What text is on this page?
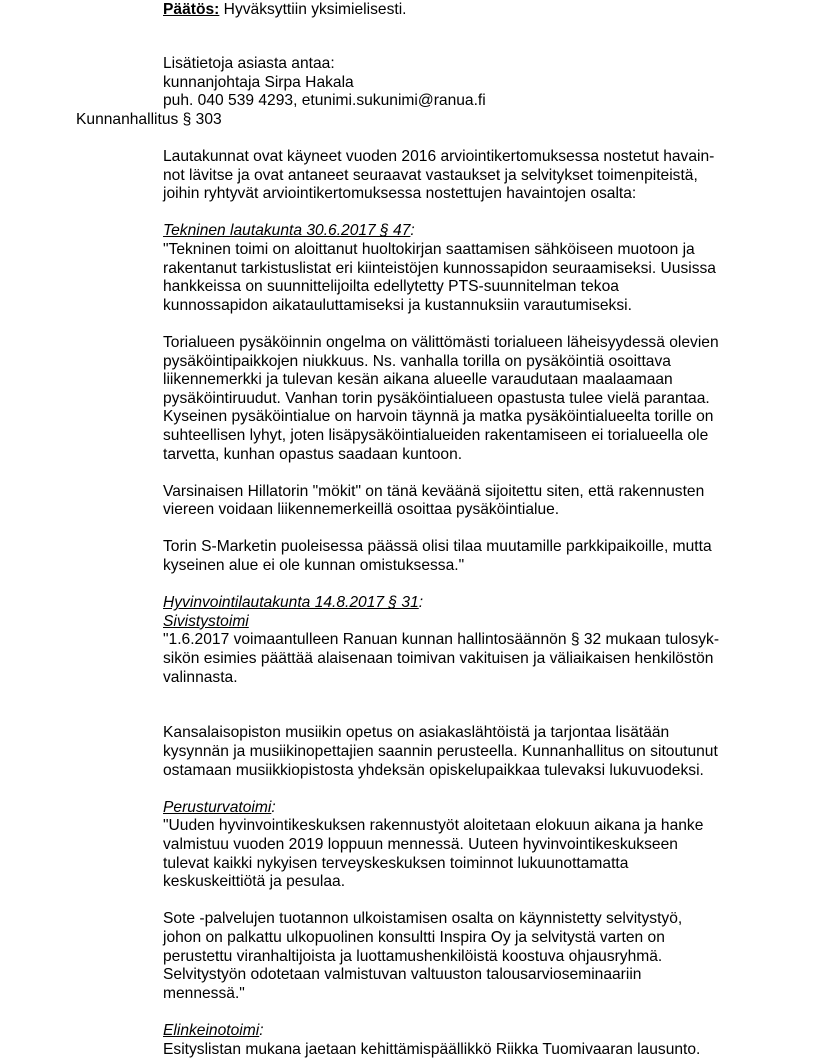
Päätös: Hyväksyttiin yksimielisesti.

Lisätietoja asiasta antaa:

kunnanjohtaja Sirpa Hakala

puh. 040 539 4293, etunimi.sukunimi@ranua.fi

Kunnanhallitus § 303

Lautakunnat ovat käyneet vuoden 2016 arviointikertomuksessa nostetut havain-

not lävitse ja ovat antaneet seuraavat vastaukset ja selvitykset toimenpiteistä,

joihin ryhtyvät arviointikertomuksessa nostettujen havaintojen osalta:

Tekninen lautakunta 30.6.2017 § 47:

"Tekninen toimi on aloittanut huoltokirjan saattamisen sähköiseen muotoon ja

rakentanut tarkistuslistat eri kiinteistöjen kunnossapidon seuraamiseksi. Uusissa

hankkeissa on suunnittelijoilta edellytetty PTS-suunnitelman tekoa

kunnossapidon aikatauluttamiseksi ja kustannuksiin varautumiseksi.

Torialueen pysäköinnin ongelma on välittömästi torialueen läheisyydessä olevien

pysäköintipaikkojen niukkuus. Ns. vanhalla torilla on pysäköintiä osoittava

liikennemerkki ja tulevan kesän aikana alueelle varaudutaan maalaamaan

pysäköintiruudut. Vanhan torin pysäköintialueen opastusta tulee vielä parantaa.

Kyseinen pysäköintialue on harvoin täynnä ja matka pysäköintialueelta torille on

suhteellisen lyhyt, joten lisäpysäköintialueiden rakentamiseen ei torialueella ole

tarvetta, kunhan opastus saadaan kuntoon.

Varsinaisen Hillatorin "mökit" on tänä keväänä sijoitettu siten, että rakennusten

viereen voidaan liikennemerkeillä osoittaa pysäköintialue.

Torin S-Marketin puoleisessa päässä olisi tilaa muutamille parkkipaikoille, mutta

kyseinen alue ei ole kunnan omistuksessa."

Hyvinvointilautakunta 14.8.2017 § 31:

Sivistystoimi

"1.6.2017 voimaantulleen Ranuan kunnan hallintosäännön § 32 mukaan tulosyk-

sikön esimies päättää alaisenaan toimivan vakituisen ja väliaikaisen henkilöstön

valinnasta.

Kansalaisopiston musiikin opetus on asiakaslähtöistä ja tarjontaa lisätään

kysynnän ja musiikinopettajien saannin perusteella. Kunnanhallitus on sitoutunut

ostamaan musiikkiopistosta yhdeksän opiskelupaikkaa tulevaksi lukuvuodeksi.

Perusturvatoimi:

"Uuden hyvinvointikeskuksen rakennustyöt aloitetaan elokuun aikana ja hanke

valmistuu vuoden 2019 loppuun mennessä. Uuteen hyvinvointikeskukseen

tulevat kaikki nykyisen terveyskeskuksen toiminnot lukuunottamatta

keskuskeittiötä ja pesulaa.

Sote -palvelujen tuotannon ulkoistamisen osalta on käynnistetty selvitystyö,

johon on palkattu ulkopuolinen konsultti Inspira Oy ja selvitystä varten on

perustettu viranhaltijoista ja luottamushenkilöistä koostuva ohjausryhmä.

Selvitystyön odotetaan valmistuvan valtuuston talousarvioseminaariin

mennessä."

Elinkeinotoimi:

Esityslistan mukana jaetaan kehittämispäällikkö Riikka Tuomivaaran lausunto.
